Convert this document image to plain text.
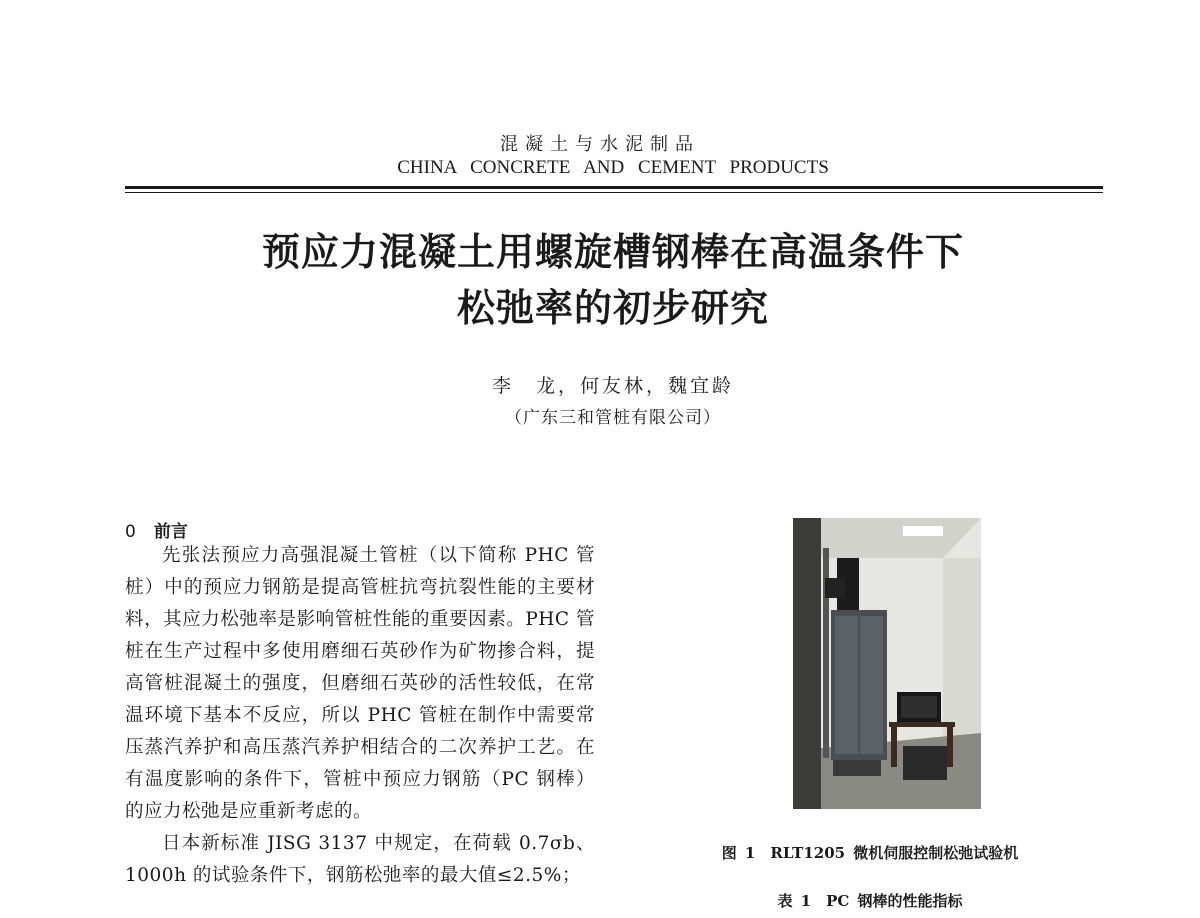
混凝土与水泥制品
CHINA CONCRETE AND CEMENT PRODUCTS
预应力混凝土用螺旋槽钢棒在高温条件下
松弛率的初步研究
李　龙，何友林，魏宜龄
（广东三和管桩有限公司）
0 前言

先张法预应力高强混凝土管桩（以下简称 PHC 管桩）中的预应力钢筋是提高管桩抗弯抗裂性能的主要材料，其应力松弛率是影响管桩性能的重要因素。PHC 管桩在生产过程中多使用磨细石英砂作为矿物掺合料，提高管桩混凝土的强度，但磨细石英砂的活性较低，在常温环境下基本不反应，所以 PHC 管桩在制作中需要常压蒸汽养护和高压蒸汽养护相结合的二次养护工艺。在有温度影响的条件下，管桩中预应力钢筋（PC 钢棒）的应力松弛是应重新考虑的。

日本新标准 JISG 3137 中规定，在荷载 0.7σb、1000h 的试验条件下，钢筋松弛率的最大值≤2.5%；

图 1　RLT1205 微机伺服控制松弛试验机
表 1　PC 钢棒的性能指标
